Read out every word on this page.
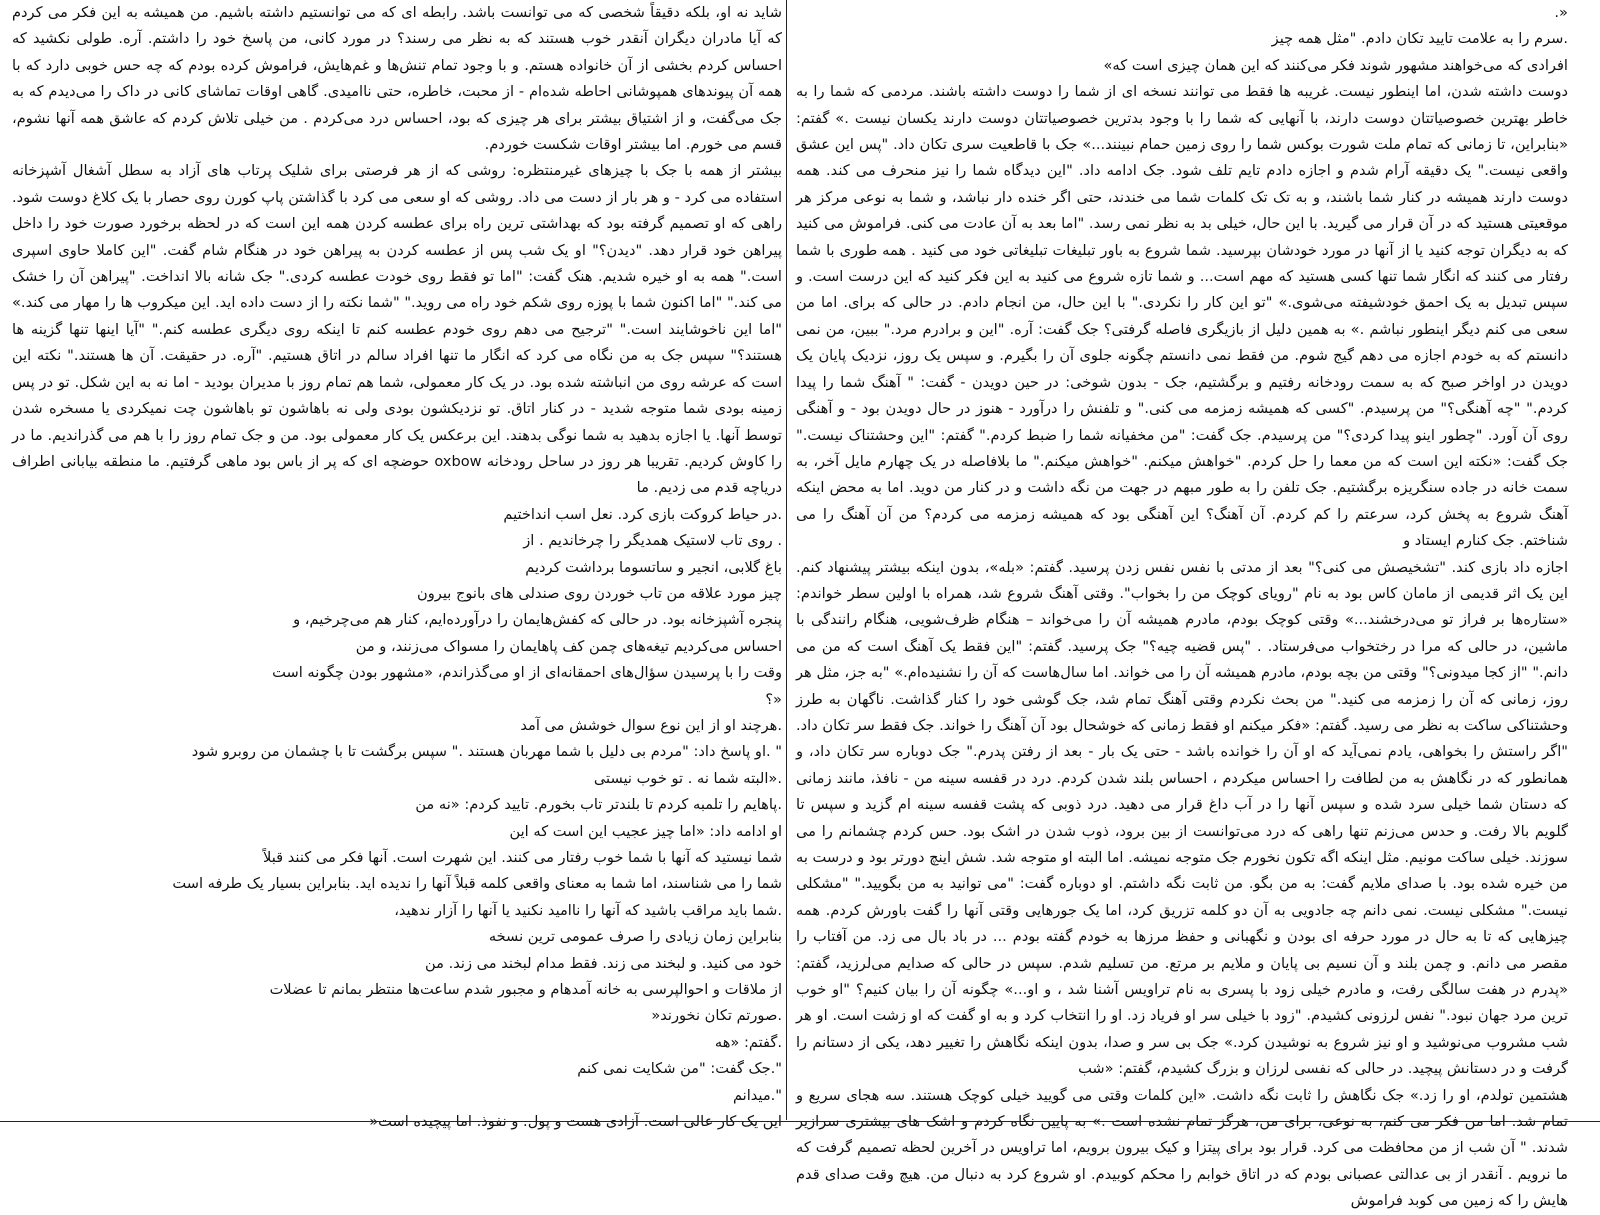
شاید نه او، بلکه دقیقاً شخصی که می توانست باشد. رابطه ای که می توانستیم داشته باشیم. من همیشه به این فکر می کردم که آیا مادران دیگران آنقدر خوب هستند که به نظر می رسند؟ در مورد کانی، من پاسخ خود را داشتم. آره. طولی نکشید که احساس کردم بخشی از آن خانواده هستم. و با وجود تمام تنش‌ها و غم‌هایش، فراموش کرده بودم که چه حس خوبی دارد که با همه آن پیوندهای همپوشانی احاطه شده‌ام - از محبت، خاطره، حتی ناامیدی. گاهی اوقات تماشای کانی در داک را می‌دیدم که به جک می‌گفت، و از اشتیاق بیشتر برای هر چیزی که بود، احساس درد می‌کردم . من خیلی تلاش کردم که عاشق همه آنها نشوم، قسم می خورم. اما بیشتر اوقات شکست خوردم.

بیشتر از همه با جک با چیزهای غیرمنتظره: روشی که از هر فرصتی برای شلیک پرتاب های آزاد به سطل آشغال آشپزخانه استفاده می کرد - و هر بار از دست می داد. روشی که او سعی می کرد با گذاشتن پاپ کورن روی حصار با یک کلاغ دوست شود. راهی که او تصمیم گرفته بود که بهداشتی ترین راه برای عطسه کردن همه این است که در لحظه برخورد صورت خود را داخل پیراهن خود قرار دهد. "دیدن؟" او یک شب پس از عطسه کردن به پیراهن خود در هنگام شام گفت. "این کاملا حاوی اسپری است." همه به او خیره شدیم. هنک گفت: "اما تو فقط روی خودت عطسه کردی." جک شانه بالا انداخت. "پیراهن آن را خشک می کند." "اما اکنون شما با پوزه روی شکم خود راه می روید." "شما نکته را از دست داده اید. این میکروب ها را مهار می کند.» "اما این ناخوشایند است." "ترجیح می دهم روی خودم عطسه کنم تا اینکه روی دیگری عطسه کنم." "آیا اینها تنها گزینه ها هستند؟" سپس جک به من نگاه می کرد که انگار ما تنها افراد سالم در اتاق هستیم. "آره. در حقیقت. آن ها هستند." نکته این است که عرشه روی من انباشته شده بود. در یک کار معمولی، شما هم تمام روز با مدیران بودید - اما نه به این شکل. تو در پس زمینه بودی شما متوجه شدید - در کنار اتاق. تو نزدیکشون بودی ولی نه باهاشون تو باهاشون چت نمیکردی یا مسخره شدن توسط آنها. یا اجازه بدهید به شما نوگی بدهند. این برعکس یک کار معمولی بود. من و جک تمام روز را با هم می گذراندیم. ما در را کاوش کردیم. تقریبا هر روز در ساحل رودخانه oxbow حوضچه ای که پر از باس بود ماهی گرفتیم. ما منطقه بیابانی اطراف دریاچه قدم می زدیم. ما

.در حیاط کروکت بازی کرد. نعل اسب انداختیم

. روی تاب لاستیک همدیگر را چرخاندیم . از

باغ گلابی، انجیر و ساتسوما برداشت کردیم

چیز مورد علاقه من تاب خوردن روی صندلی های بانوج بیرون

پنجره آشپزخانه بود. در حالی که کفش‌هایمان را درآورده‌ایم، کنار هم می‌چرخیم، و

احساس می‌کردیم تیغه‌های چمن کف پاهایمان را مسواک می‌زنند، و من

وقت را با پرسیدن سؤال‌های احمقانه‌ای از او می‌گذراندم، «مشهور بودن چگونه است

«؟

.هرچند او از این نوع سوال خوشش می آمد

" .او پاسخ داد: "مردم بی دلیل با شما مهربان هستند ." سپس برگشت تا با چشمان من روبرو شود

.«البته شما نه . تو خوب نیستی

.پاهایم را تلمبه کردم تا بلندتر تاب بخورم. تایید کردم: «نه من

او ادامه داد: «اما چیز عجیب این است که این

شما نیستید که آنها با شما خوب رفتار می کنند. این شهرت است. آنها فکر می کنند قبلاً

شما را می شناسند، اما شما به معنای واقعی کلمه قبلاً آنها را ندیده اید. بنابراین بسیار یک طرفه است

.شما باید مراقب باشید که آنها را ناامید نکنید یا آنها را آزار ندهید،

بنابراین زمان زیادی را صرف عمومی ترین نسخه

خود می کنید. و لبخند می زند. فقط مدام لبخند می زند. من

از ملاقات و احوالپرسی به خانه آمدهام و مجبور شدم ساعت‌ها منتظر بمانم تا عضلات

.صورتم تکان نخورند«

.گفتم: «هه

".جک گفت: "من شکایت نمی کنم

".میدانم

این یک کار عالی است. آزادی هست و پول. و نفوذ. اما پیچیده است«

«.

.سرم را به علامت تایید تکان دادم. "مثل همه چیز

افرادی که می‌خواهند مشهور شوند فکر می‌کنند که این همان چیزی است که»

دوست داشته شدن، اما اینطور نیست. غریبه ها فقط می توانند نسخه ای از شما را دوست داشته باشند. مردمی که شما را به خاطر بهترین خصوصیاتتان دوست دارند، با آنهایی که شما را با وجود بدترین خصوصیاتتان دوست دارند یکسان نیست .» گفتم: «بنابراین، تا زمانی که تمام ملت شورت بوکس شما را روی زمین حمام نبینند...» جک با قاطعیت سری تکان داد. "پس این عشق واقعی نیست." یک دقیقه آرام شدم و اجازه دادم تایم تلف شود. جک ادامه داد. "این دیدگاه شما را نیز منحرف می کند. همه دوست دارند همیشه در کنار شما باشند، و به تک تک کلمات شما می خندند، حتی اگر خنده دار نباشد، و شما به نوعی مرکز هر موقعیتی هستید که در آن قرار می گیرید. با این حال، خیلی بد به نظر نمی رسد. "اما بعد به آن عادت می کنی. فراموش می کنید که به دیگران توجه کنید یا از آنها در مورد خودشان بپرسید. شما شروع به باور تبلیغات تبلیغاتی خود می کنید . همه طوری با شما رفتار می کنند که انگار شما تنها کسی هستید که مهم است... و شما تازه شروع می کنید به این فکر کنید که این درست است. و سپس تبدیل به یک احمق خودشیفته می‌شوی.» "تو این کار را نکردی." با این حال، من انجام دادم. در حالی که برای. اما من سعی می کنم دیگر اینطور نباشم .» به همین دلیل از بازیگری فاصله گرفتی؟ جک گفت: آره. "این و برادرم مرد." ببین، من نمی دانستم که به خودم اجازه می دهم گیج شوم. من فقط نمی دانستم چگونه جلوی آن را بگیرم. و سپس یک روز، نزدیک پایان یک دویدن در اواخر صبح که به سمت رودخانه رفتیم و برگشتیم، جک - بدون شوخی: در حین دویدن - گفت: " آهنگ شما را پیدا کردم." "چه آهنگی؟" من پرسیدم. "کسی که همیشه زمزمه می کنی." و تلفنش را درآورد - هنوز در حال دویدن بود - و آهنگی روی آن آورد. "چطور اینو پیدا کردی؟" من پرسیدم. جک گفت: "من مخفیانه شما را ضبط کردم." گفتم: "این وحشتناک نیست." جک گفت: «نکته این است که من معما را حل کردم. "خواهش میکنم. "خواهش میکنم." ما بلافاصله در یک چهارم مایل آخر، به سمت خانه در جاده سنگریزه برگشتیم. جک تلفن را به طور مبهم در جهت من نگه داشت و در کنار من دوید. اما به محض اینکه آهنگ شروع به پخش کرد، سرعتم را کم کردم. آن آهنگ؟ این آهنگی بود که همیشه زمزمه می کردم؟ من آن آهنگ را می شناختم. جک کنارم ایستاد و

اجازه داد بازی کند. "تشخیصش می کنی؟" بعد از مدتی با نفس نفس زدن پرسید. گفتم: «بله»، بدون اینکه بیشتر پیشنهاد کنم. این یک اثر قدیمی از مامان کاس بود به نام "رویای کوچک من را بخواب". وقتی آهنگ شروع شد، همراه با اولین سطر خواندم: «ستاره‌ها بر فراز تو می‌درخشند...» وقتی کوچک بودم، مادرم همیشه آن را می‌خواند – هنگام ظرف‌شویی، هنگام رانندگی با ماشین، در حالی که مرا در رختخواب می‌فرستاد. . "پس قضیه چیه؟" جک پرسید. گفتم: "این فقط یک آهنگ است که من می دانم." "از کجا میدونی؟" وقتی من بچه بودم، مادرم همیشه آن را می خواند. اما سال‌هاست که آن را نشنیده‌ام.» "به جز، مثل هر روز، زمانی که آن را زمزمه می کنید." من بحث نکردم وقتی آهنگ تمام شد، جک گوشی خود را کنار گذاشت. ناگهان به طرز وحشتناکی ساکت به نظر می رسید. گفتم: «فکر میکنم او فقط زمانی که خوشحال بود آن آهنگ را خواند. جک فقط سر تکان داد. "اگر راستش را بخواهی، یادم نمی‌آید که او آن را خوانده باشد - حتی یک بار - بعد از رفتن پدرم." جک دوباره سر تکان داد، و همانطور که در نگاهش به من لطافت را احساس میکردم ، احساس بلند شدن کردم. درد در قفسه سینه من - نافذ، مانند زمانی که دستان شما خیلی سرد شده و سپس آنها را در آب داغ قرار می دهید. درد ذوبی که پشت قفسه سینه ام گزید و سپس تا گلویم بالا رفت. و حدس می‌زنم تنها راهی که درد می‌توانست از بین برود، ذوب شدن در اشک بود. حس کردم چشمانم را می سوزند. خیلی ساکت مونیم. مثل اینکه اگه تکون نخورم جک متوجه نمیشه. اما البته او متوجه شد. شش اینچ دورتر بود و درست به من خیره شده بود. با صدای ملایم گفت: به من بگو. من ثابت نگه داشتم. او دوباره گفت: "می توانید به من بگویید." "مشکلی نیست." مشکلی نیست. نمی دانم چه جادویی به آن دو کلمه تزریق کرد، اما یک جورهایی وقتی آنها را گفت باورش کردم. همه چیزهایی که تا به حال در مورد حرفه ای بودن و نگهبانی و حفظ مرزها به خودم گفته بودم ... در باد بال می زد. من آفتاب را مقصر می دانم. و چمن بلند و آن نسیم بی پایان و ملایم بر مرتع. من تسلیم شدم. سپس در حالی که صدایم می‌لرزید، گفتم: «پدرم در هفت سالگی رفت، و مادرم خیلی زود با پسری به نام تراویس آشنا شد ، و او...» چگونه آن را بیان کنیم؟ "او خوب ترین مرد جهان نبود." نفس لرزونی کشیدم. "زود با خیلی سر او فریاد زد. او را انتخاب کرد و به او گفت که او زشت است. او هر شب مشروب می‌نوشید و او نیز شروع به نوشیدن کرد.» جک بی سر و صدا، بدون اینکه نگاهش را تغییر دهد، یکی از دستانم را گرفت و در دستانش پیچید. در حالی که نفسی لرزان و بزرگ کشیدم، گفتم: «شب

هشتمین تولدم، او را زد.» جک نگاهش را ثابت نگه داشت. «این کلمات وقتی می گویید خیلی کوچک هستند. سه هجای سریع و تمام شد. اما من فکر می کنم، به نوعی، برای من، هرگز تمام نشده است .» به پایین نگاه کردم و اشک های بیشتری سرازیر شدند. " آن شب از من محافظت می کرد. قرار بود برای پیتزا و کیک بیرون برویم، اما تراویس در آخرین لحظه تصمیم گرفت که ما نرویم . آنقدر از بی عدالتی عصبانی بودم که در اتاق خوابم را محکم کوبیدم. او شروع کرد به دنبال من. هیچ وقت صدای قدم هایش را که زمین می کوبد فراموش
